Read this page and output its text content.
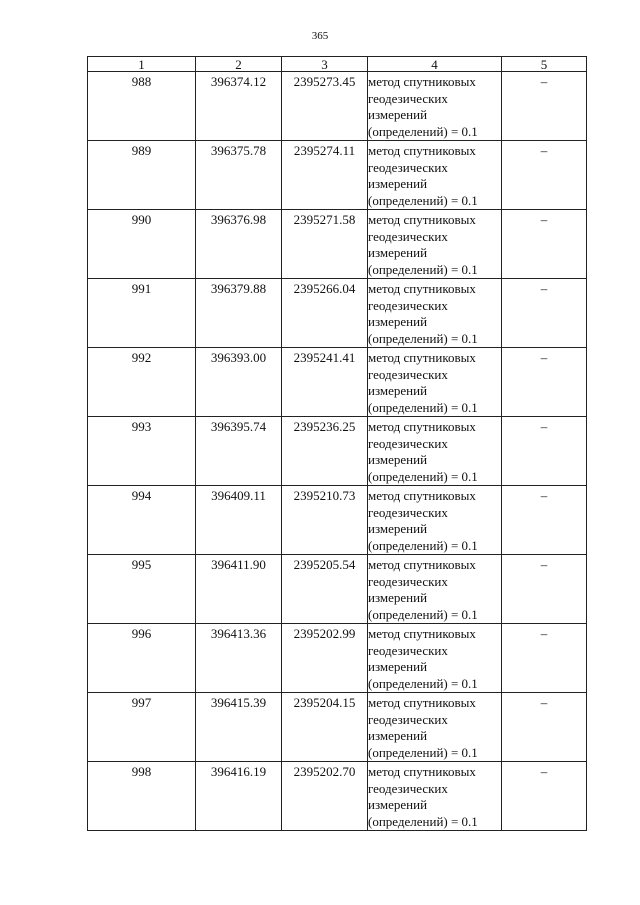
365
1	2	3	4	5
988	396374.12	2395273.45	метод спутниковых
геодезических
измерений
(определений) = 0.1	–
989	396375.78	2395274.11	метод спутниковых
геодезических
измерений
(определений) = 0.1	–
990	396376.98	2395271.58	метод спутниковых
геодезических
измерений
(определений) = 0.1	–
991	396379.88	2395266.04	метод спутниковых
геодезических
измерений
(определений) = 0.1	–
992	396393.00	2395241.41	метод спутниковых
геодезических
измерений
(определений) = 0.1	–
993	396395.74	2395236.25	метод спутниковых
геодезических
измерений
(определений) = 0.1	–
994	396409.11	2395210.73	метод спутниковых
геодезических
измерений
(определений) = 0.1	–
995	396411.90	2395205.54	метод спутниковых
геодезических
измерений
(определений) = 0.1	–
996	396413.36	2395202.99	метод спутниковых
геодезических
измерений
(определений) = 0.1	–
997	396415.39	2395204.15	метод спутниковых
геодезических
измерений
(определений) = 0.1	–
998	396416.19	2395202.70	метод спутниковых
геодезических
измерений
(определений) = 0.1	–
